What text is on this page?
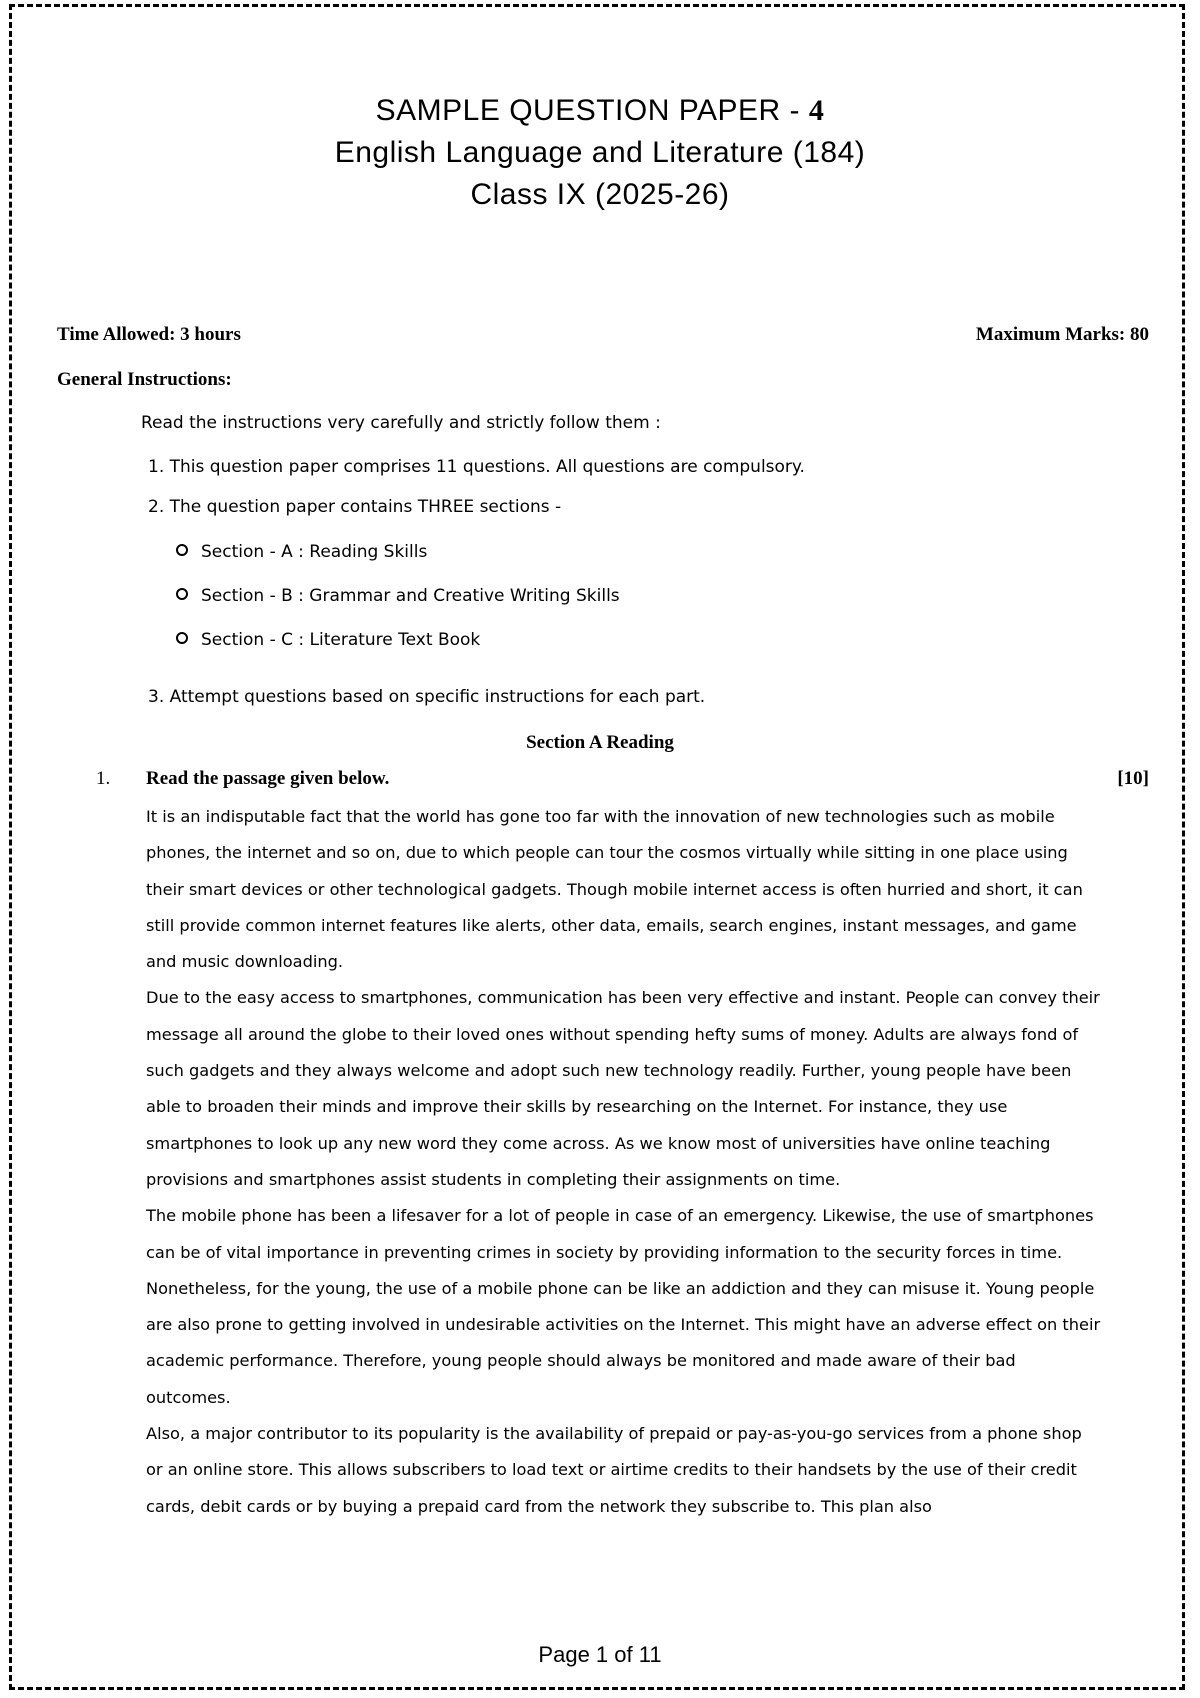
SAMPLE QUESTION PAPER - 4
English Language and Literature (184)
Class IX (2025-26)
Time Allowed: 3 hours	Maximum Marks: 80
General Instructions:
Read the instructions very carefully and strictly follow them :
1. This question paper comprises 11 questions. All questions are compulsory.
2. The question paper contains THREE sections -
Section - A : Reading Skills
Section - B : Grammar and Creative Writing Skills
Section - C : Literature Text Book
3. Attempt questions based on specific instructions for each part.
Section A Reading
1. Read the passage given below.	[10]

It is an indisputable fact that the world has gone too far with the innovation of new technologies such as mobile phones, the internet and so on, due to which people can tour the cosmos virtually while sitting in one place using their smart devices or other technological gadgets. Though mobile internet access is often hurried and short, it can still provide common internet features like alerts, other data, emails, search engines, instant messages, and game and music downloading.

Due to the easy access to smartphones, communication has been very effective and instant. People can convey their message all around the globe to their loved ones without spending hefty sums of money. Adults are always fond of such gadgets and they always welcome and adopt such new technology readily. Further, young people have been able to broaden their minds and improve their skills by researching on the Internet. For instance, they use smartphones to look up any new word they come across. As we know most of universities have online teaching provisions and smartphones assist students in completing their assignments on time.

The mobile phone has been a lifesaver for a lot of people in case of an emergency. Likewise, the use of smartphones can be of vital importance in preventing crimes in society by providing information to the security forces in time.

Nonetheless, for the young, the use of a mobile phone can be like an addiction and they can misuse it. Young people are also prone to getting involved in undesirable activities on the Internet. This might have an adverse effect on their academic performance. Therefore, young people should always be monitored and made aware of their bad outcomes.

Also, a major contributor to its popularity is the availability of prepaid or pay-as-you-go services from a phone shop or an online store. This allows subscribers to load text or airtime credits to their handsets by the use of their credit cards, debit cards or by buying a prepaid card from the network they subscribe to. This plan also

Page 1 of 11
